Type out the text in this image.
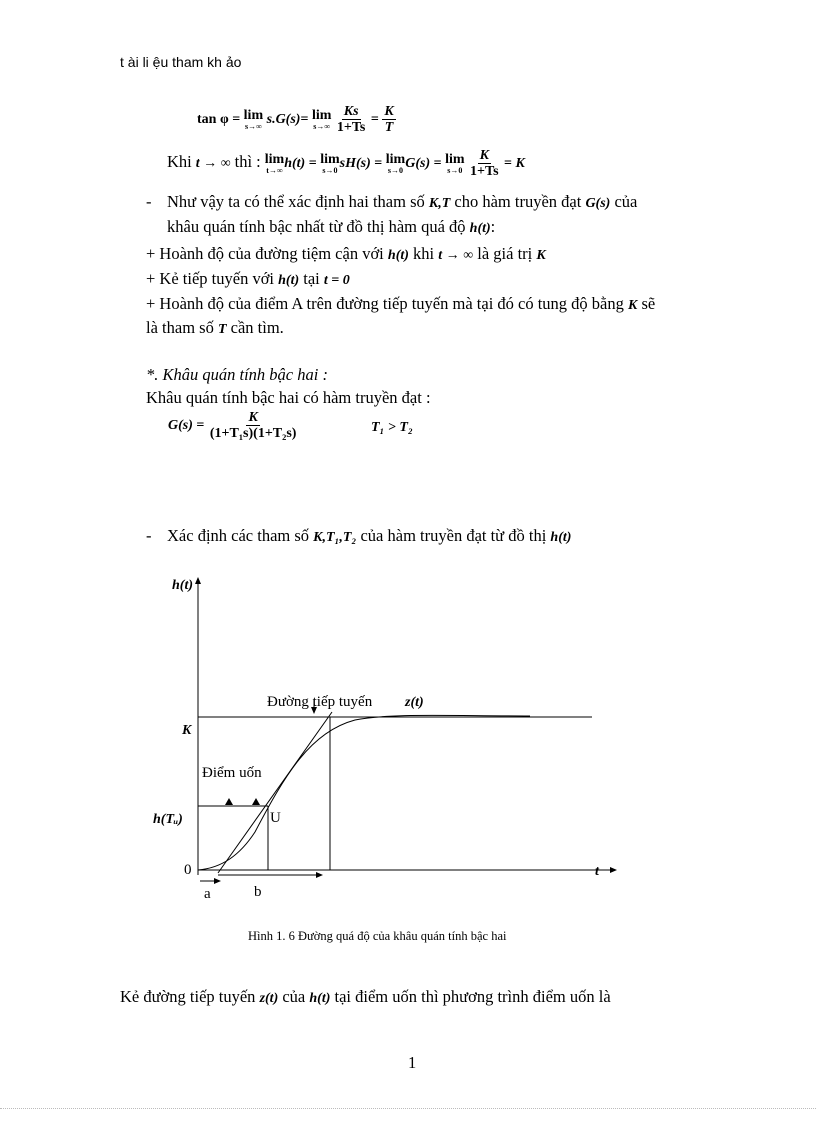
t ài li ệu tham kh ảo
tan φ = lim
s→∞ s.G(s)= lim
s→∞
$\frac{Ks}{1+Ts} = \frac{K}{T}$
Khi t → ∞ thì : lim
t→∞ h(t) = lim
s→0 sH(s) = lim
s→0 G(s) = lim
s→0
$\frac{K}{1+Ts} = K$
- Như vậy ta có thể xác định hai tham số K,T cho hàm truyền đạt G(s) của
khâu quán tính bậc nhất từ đồ thị hàm quá độ h(t):
+ Hoành độ của đường tiệm cận với h(t) khi t → ∞ là giá trị K
+ Kẻ tiếp tuyến với h(t) tại t = 0
+ Hoành độ của điểm A trên đường tiếp tuyến mà tại đó có tung độ bằng K sẽ
là tham số T cần tìm.
*. Khâu quán tính bậc hai :
Khâu quán tính bậc hai có hàm truyền đạt :
$G(s) = \frac{K}{\text{(1+T₁s)(1+T₂s)}}$	T₁ > T₂
- Xác định các tham số K,T₁,T₂ của hàm truyền đạt từ đồ thị h(t)
h(t)
t
K
h(Tᵤ)
0
Đường tiếp tuyến z(t)
Điểm uốn
U
a	b
Hình 1. 6 Đường quá độ của khâu quán tính bậc hai
Kẻ đường tiếp tuyến z(t) của h(t) tại điểm uốn thì phương trình điểm uốn là
1
